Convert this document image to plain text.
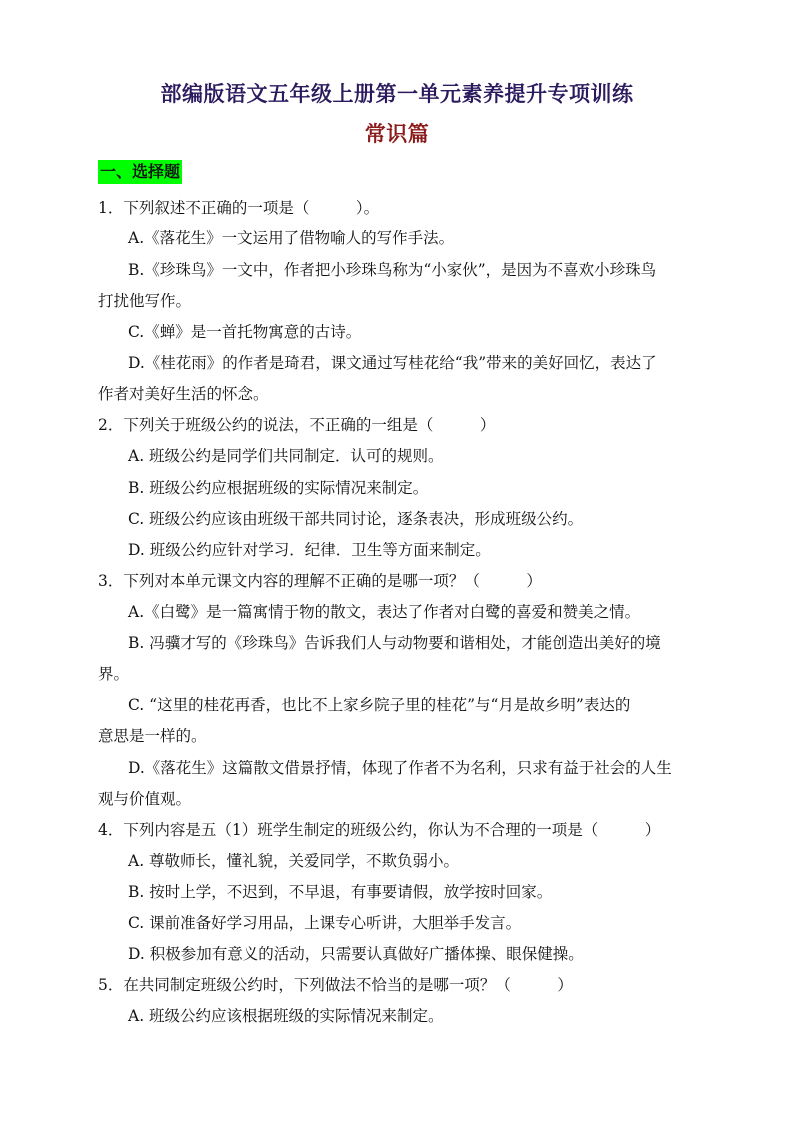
部编版语文五年级上册第一单元素养提升专项训练
常识篇
一、选择题
1．下列叙述不正确的一项是（　　　）。
A.《落花生》一文运用了借物喻人的写作手法。
B.《珍珠鸟》一文中，作者把小珍珠鸟称为“小家伙”，是因为不喜欢小珍珠鸟
打扰他写作。
C.《蝉》是一首托物寓意的古诗。
D.《桂花雨》的作者是琦君，课文通过写桂花给“我”带来的美好回忆，表达了
作者对美好生活的怀念。
2．下列关于班级公约的说法，不正确的一组是（　　　）
A. 班级公约是同学们共同制定．认可的规则。
B. 班级公约应根据班级的实际情况来制定。
C. 班级公约应该由班级干部共同讨论，逐条表决，形成班级公约。
D. 班级公约应针对学习．纪律．卫生等方面来制定。
3．下列对本单元课文内容的理解不正确的是哪一项？（　　　）
A.《白鹭》是一篇寓情于物的散文，表达了作者对白鹭的喜爱和赞美之情。
B. 冯骥才写的《珍珠鸟》告诉我们人与动物要和谐相处，才能创造出美好的境
界。
C. “这里的桂花再香，也比不上家乡院子里的桂花”与“月是故乡明”表达的
意思是一样的。
D.《落花生》这篇散文借景抒情，体现了作者不为名利，只求有益于社会的人生
观与价值观。
4．下列内容是五（1）班学生制定的班级公约，你认为不合理的一项是（　　　）
A. 尊敬师长，懂礼貌，关爱同学，不欺负弱小。
B. 按时上学，不迟到，不早退，有事要请假，放学按时回家。
C. 课前准备好学习用品，上课专心听讲，大胆举手发言。
D. 积极参加有意义的活动，只需要认真做好广播体操、眼保健操。
5．在共同制定班级公约时，下列做法不恰当的是哪一项？（　　　）
A. 班级公约应该根据班级的实际情况来制定。
